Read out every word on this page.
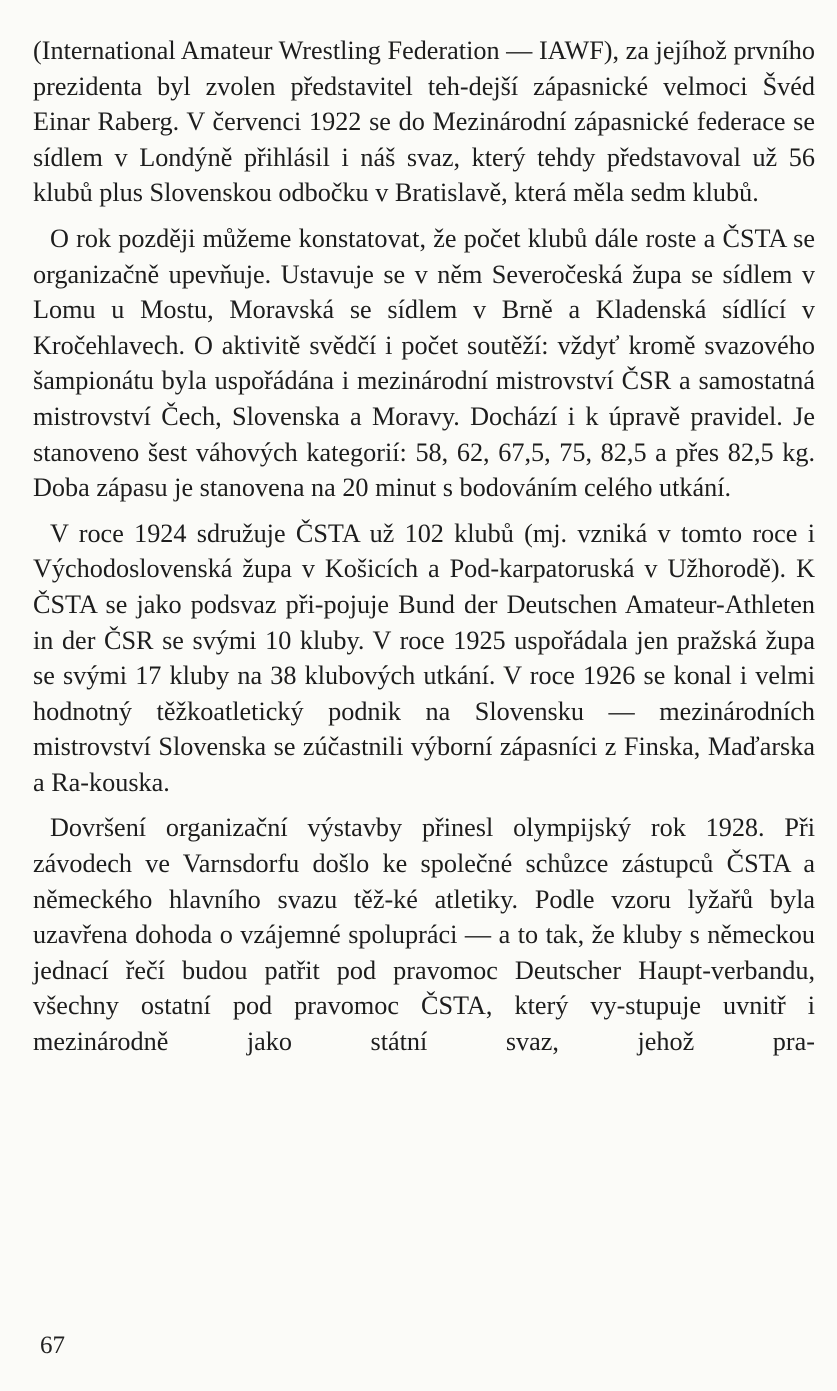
(International Amateur Wrestling Federation — IAWF), za jejíhož prvního prezidenta byl zvolen představitel teh-dejší zápasnické velmoci Švéd Einar Raberg. V červenci 1922 se do Mezinárodní zápasnické federace se sídlem v Londýně přihlásil i náš svaz, který tehdy představoval už 56 klubů plus Slovenskou odbočku v Bratislavě, která měla sedm klubů.

O rok později můžeme konstatovat, že počet klubů dále roste a ČSTA se organizačně upevňuje. Ustavuje se v něm Severočeská župa se sídlem v Lomu u Mostu, Moravská se sídlem v Brně a Kladenská sídlící v Kročehlavech. O aktivitě svědčí i počet soutěží: vždyť kromě svazového šampionátu byla uspořádána i mezinárodní mistrovství ČSR a samostatná mistrovství Čech, Slovenska a Moravy. Dochází i k úpravě pravidel. Je stanoveno šest váhových kategorií: 58, 62, 67,5, 75, 82,5 a přes 82,5 kg. Doba zápasu je stanovena na 20 minut s bodováním celého utkání.

V roce 1924 sdružuje ČSTA už 102 klubů (mj. vzniká v tomto roce i Východoslovenská župa v Košicích a Pod-karpatoruská v Užhorodě). K ČSTA se jako podsvaz při-pojuje Bund der Deutschen Amateur-Athleten in der ČSR se svými 10 kluby. V roce 1925 uspořádala jen pražská župa se svými 17 kluby na 38 klubových utkání. V roce 1926 se konal i velmi hodnotný těžkoatletický podnik na Slovensku — mezinárodních mistrovství Slovenska se zúčastnili výborní zápasníci z Finska, Maďarska a Ra-kouska.

Dovršení organizační výstavby přinesl olympijský rok 1928. Při závodech ve Varnsdorfu došlo ke společné schůzce zástupců ČSTA a německého hlavního svazu těž-ké atletiky. Podle vzoru lyžařů byla uzavřena dohoda o vzájemné spolupráci — a to tak, že kluby s německou jednací řečí budou patřit pod pravomoc Deutscher Haupt-verbandu, všechny ostatní pod pravomoc ČSTA, který vy-stupuje uvnitř i mezinárodně jako státní svaz, jehož pra-

67
